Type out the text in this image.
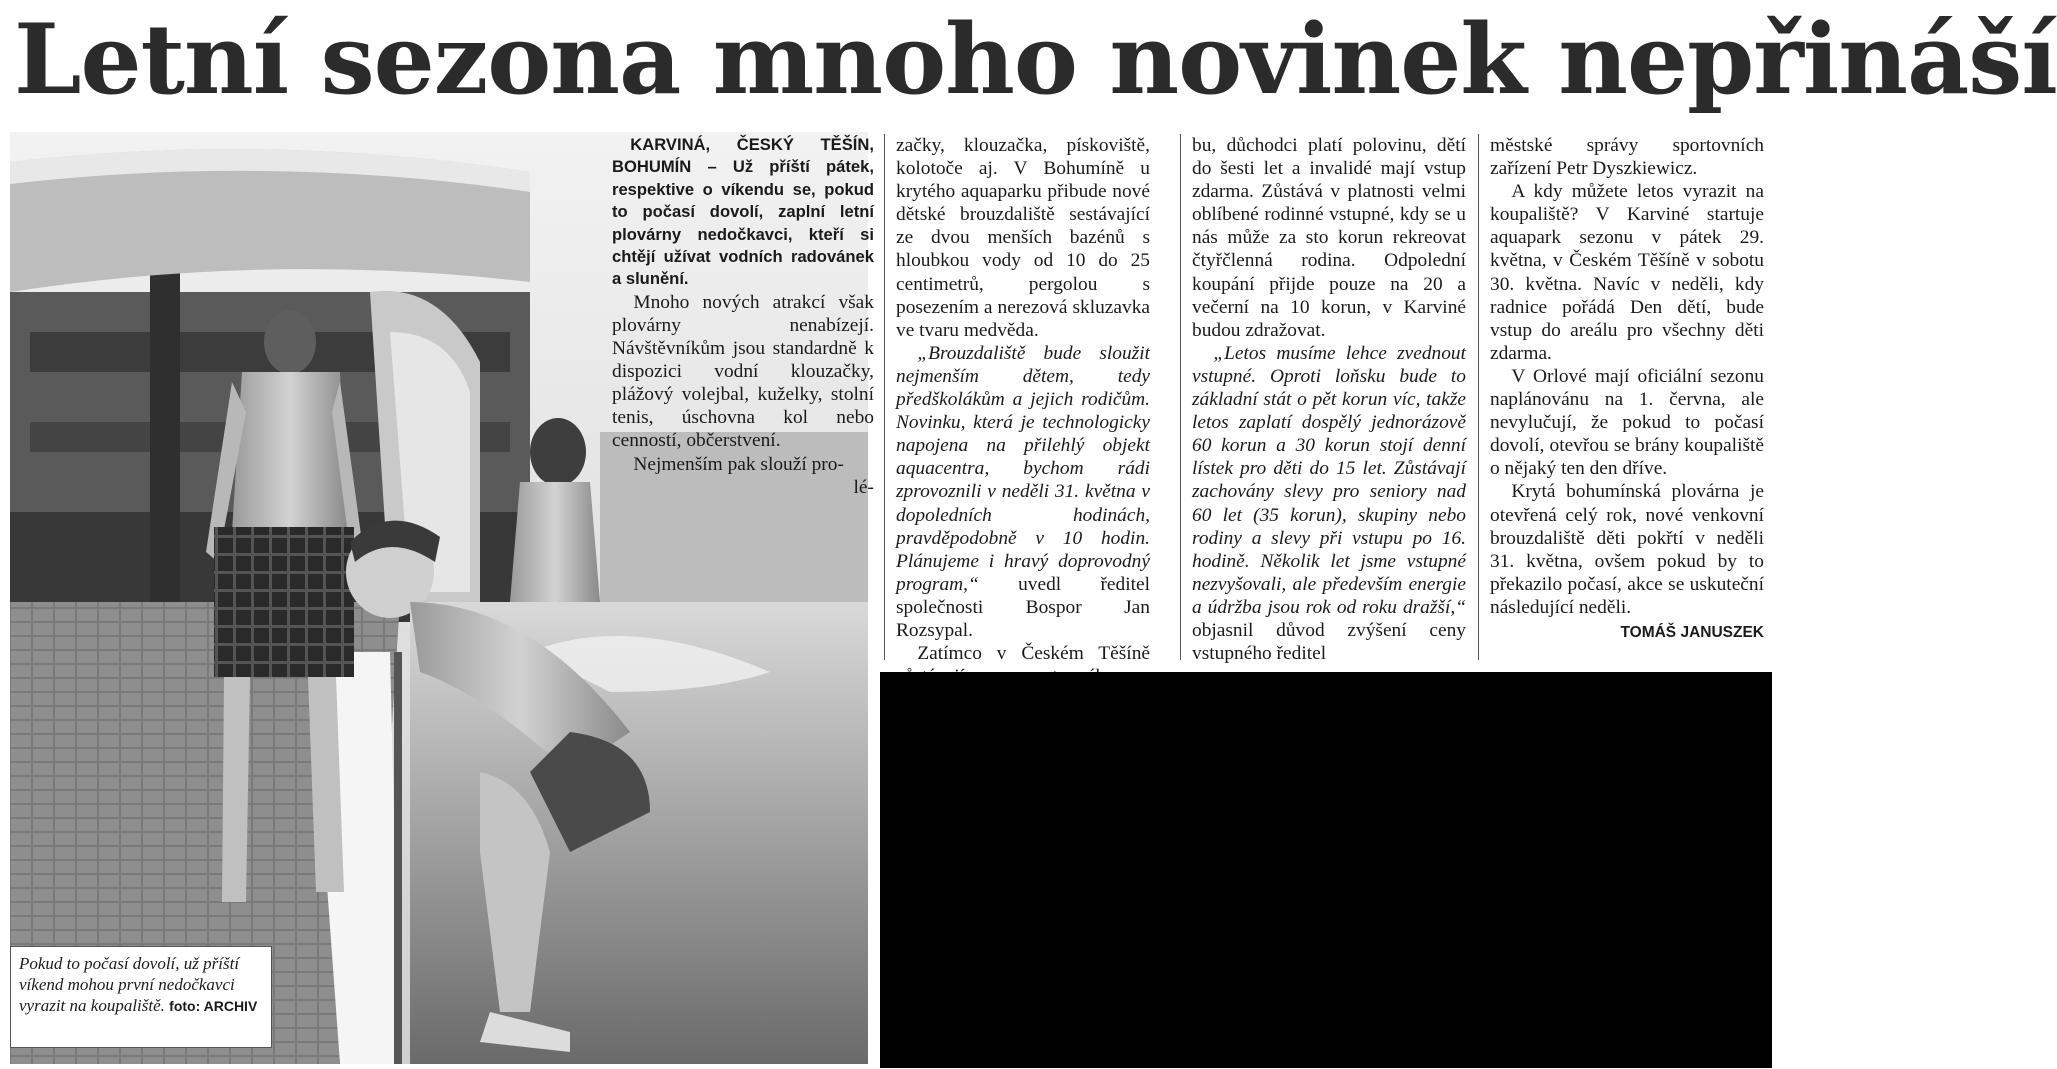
Letní sezona mnoho novinek nepřináší
Pokud to počasí dovolí, už příští víkend mohou první nedočkavci vyrazit na koupaliště. foto: ARCHIV

KARVINÁ, ČESKÝ TĚŠÍN, BOHUMÍN – Už příští pátek, respektive o víkendu se, pokud to počasí dovolí, zaplní letní plovárny nedočkavci, kteří si chtějí užívat vodních radovánek a slunění.

Mnoho nových atrakcí však plovárny nenabízejí. Návštěvníkům jsou standardně k dispozici vodní klouzačky, plážový volejbal, kuželky, stolní tenis, úschovna kol nebo cenností, občerstvení.

Nejmenším pak slouží pro-

lé-

začky, klouzačka, pískoviště, kolotoče aj. V Bohumíně u krytého aquaparku přibude nové dětské brouzdaliště sestávající ze dvou menších bazénů s hloubkou vody od 10 do 25 centimetrů, pergolou s posezením a nerezová skluzavka ve tvaru medvěda.

„Brouzdaliště bude sloužit nejmenším dětem, tedy předškolákům a jejich rodičům. Novinku, která je technologicky napojena na přilehlý objekt aquacentra, bychom rádi zprovoznili v neděli 31. května v dopoledních hodinách, pravděpodobně v 10 hodin. Plánujeme i hravý doprovodný program,“ uvedl ředitel společnosti Bospor Jan Rozsypal.

Zatímco v Českém Těšíně

bu, důchodci platí polovinu, dětí do šesti let a invalidé mají vstup zdarma. Zůstává v platnosti velmi oblíbené rodinné vstupné, kdy se u nás může za sto korun rekreovat čtyřčlenná rodina. Odpolední koupání přijde pouze na 20 a večerní na 10 korun, v Karviné budou zdražovat.

„Letos musíme lehce zvednout vstupné. Oproti loňsku bude to základní stát o pět korun víc, takže letos zaplatí dospělý jednorázově 60 korun a 30 korun stojí denní lístek pro děti do 15 let. Zůstávají zachovány slevy pro seniory nad 60 let (35 korun), skupiny nebo rodiny a slevy při vstupu po 16. hodině. Několik let jsme vstupné nezvyšovali, ale především energie a údržba jsou rok od roku dražší,“ objasnil důvod zvýšení ceny vstupného ředitel

městské správy sportovních zařízení Petr Dyszkiewicz.

A kdy můžete letos vyrazit na koupaliště? V Karviné startuje aquapark sezonu v pátek 29. května, v Českém Těšíně v sobotu 30. května. Navíc v neděli, kdy radnice pořádá Den dětí, bude vstup do areálu pro všechny děti zdarma.

V Orlové mají oficiální sezonu naplánovánu na 1. června, ale nevylučují, že pokud to počasí dovolí, otevřou se brány koupaliště o nějaký ten den dříve.

Krytá bohumínská plovárna je otevřená celý rok, nové venkovní brouzdaliště děti pokřtí v neděli 31. května, ovšem pokud by to překazilo počasí, akce se uskuteční následující neděli.

TOMÁŠ JANUSZEK
